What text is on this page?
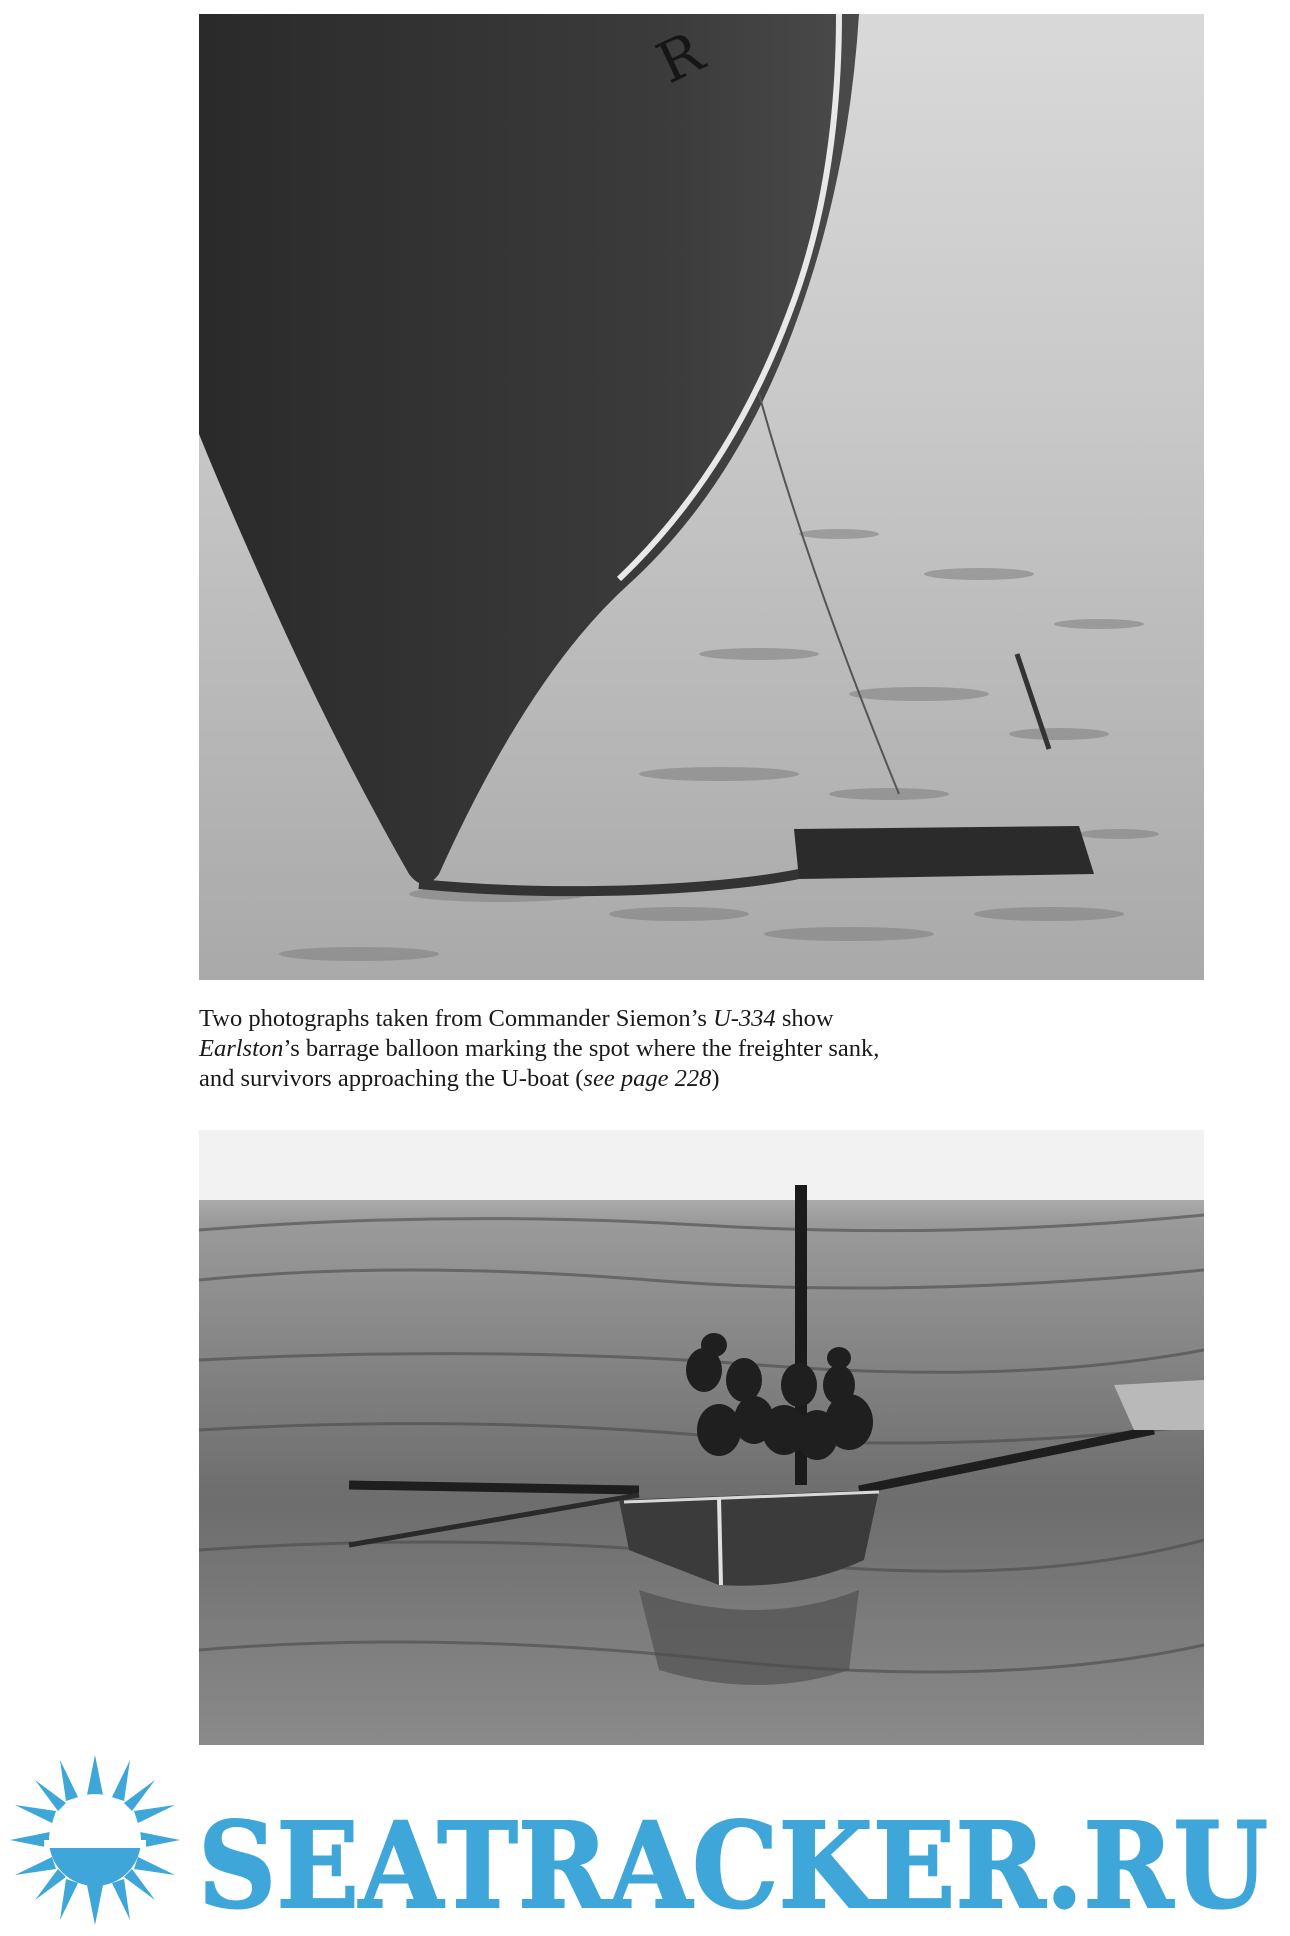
R
Two photographs taken from Commander Siemon’s U-334 show
Earlston’s barrage balloon marking the spot where the freighter sank,
and survivors approaching the U-boat (see page 228)
SEATRACKER.RU
